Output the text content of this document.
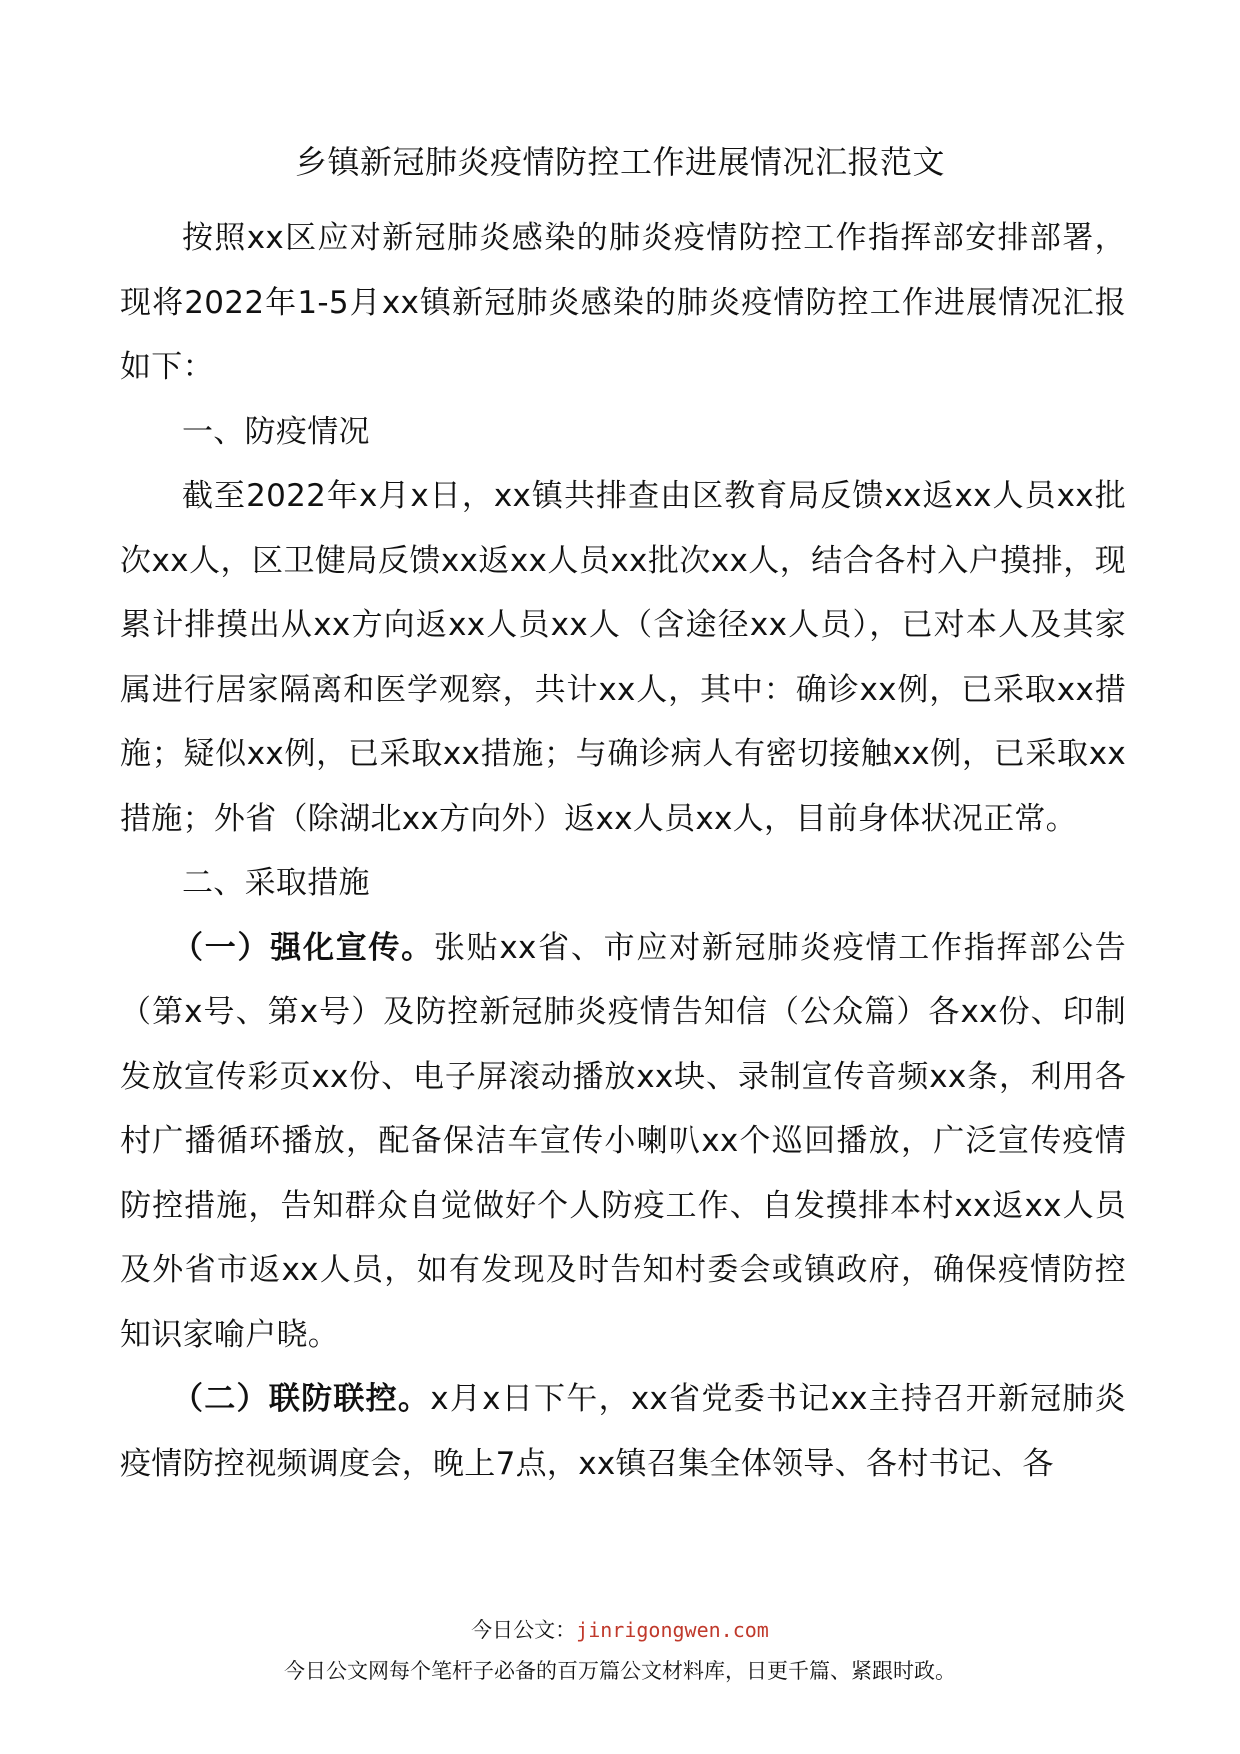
乡镇新冠肺炎疫情防控工作进展情况汇报范文

按照xx区应对新冠肺炎感染的肺炎疫情防控工作指挥部安排部署，现将2022年1-5月xx镇新冠肺炎感染的肺炎疫情防控工作进展情况汇报如下：

一、防疫情况

截至2022年x月x日，xx镇共排查由区教育局反馈xx返xx人员xx批次xx人，区卫健局反馈xx返xx人员xx批次xx人，结合各村入户摸排，现累计排摸出从xx方向返xx人员xx人（含途径xx人员），已对本人及其家属进行居家隔离和医学观察，共计xx人，其中：确诊xx例，已采取xx措施；疑似xx例，已采取xx措施；与确诊病人有密切接触xx例，已采取xx措施；外省（除湖北xx方向外）返xx人员xx人，目前身体状况正常。

二、采取措施

（一）强化宣传。张贴xx省、市应对新冠肺炎疫情工作指挥部公告（第x号、第x号）及防控新冠肺炎疫情告知信（公众篇）各xx份、印制发放宣传彩页xx份、电子屏滚动播放xx块、录制宣传音频xx条，利用各村广播循环播放，配备保洁车宣传小喇叭xx个巡回播放，广泛宣传疫情防控措施，告知群众自觉做好个人防疫工作、自发摸排本村xx返xx人员及外省市返xx人员，如有发现及时告知村委会或镇政府，确保疫情防控知识家喻户晓。

（二）联防联控。x月x日下午，xx省党委书记xx主持召开新冠肺炎疫情防控视频调度会，晚上7点，xx镇召集全体领导、各村书记、各

今日公文：jinrigongwen.com
今日公文网每个笔杆子必备的百万篇公文材料库，日更千篇、紧跟时政。
